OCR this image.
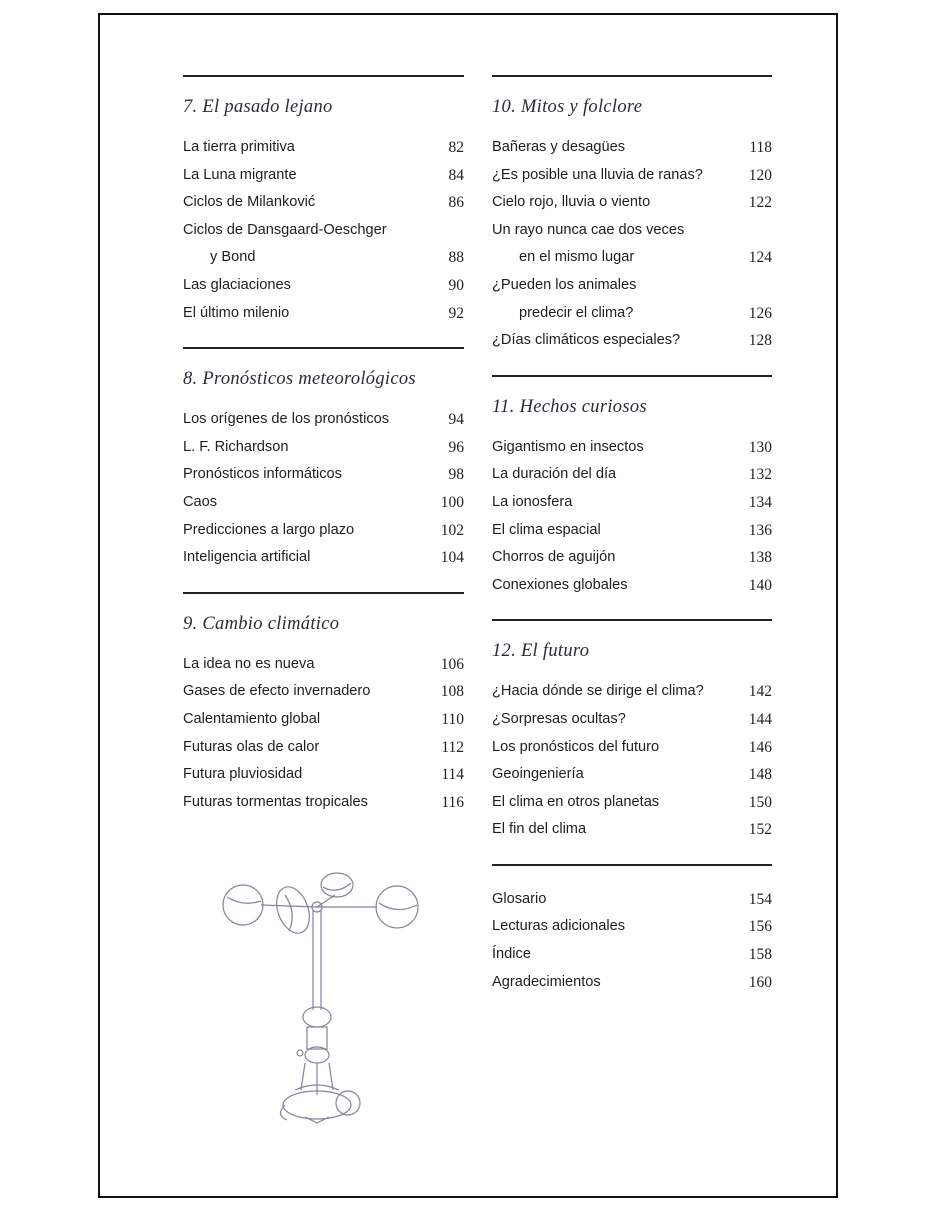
7. El pasado lejano
La tierra primitiva	82
La Luna migrante	84
Ciclos de Milanković	86
Ciclos de Dansgaard-Oeschger
y Bond	88
Las glaciaciones	90
El último milenio	92
8. Pronósticos meteorológicos
Los orígenes de los pronósticos	94
L. F. Richardson	96
Pronósticos informáticos	98
Caos	100
Predicciones a largo plazo	102
Inteligencia artificial	104
9. Cambio climático
La idea no es nueva	106
Gases de efecto invernadero	108
Calentamiento global	110
Futuras olas de calor	112
Futura pluviosidad	114
Futuras tormentas tropicales	116
10. Mitos y folclore
Bañeras y desagües	118
¿Es posible una lluvia de ranas?	120
Cielo rojo, lluvia o viento	122
Un rayo nunca cae dos veces
en el mismo lugar	124
¿Pueden los animales
predecir el clima?	126
¿Días climáticos especiales?	128
11. Hechos curiosos
Gigantismo en insectos	130
La duración del día	132
La ionosfera	134
El clima espacial	136
Chorros de aguijón	138
Conexiones globales	140
12. El futuro
¿Hacia dónde se dirige el clima?	142
¿Sorpresas ocultas?	144
Los pronósticos del futuro	146
Geoingeniería	148
El clima en otros planetas	150
El fin del clima	152
Glosario	154
Lecturas adicionales	156
Índice	158
Agradecimientos	160
